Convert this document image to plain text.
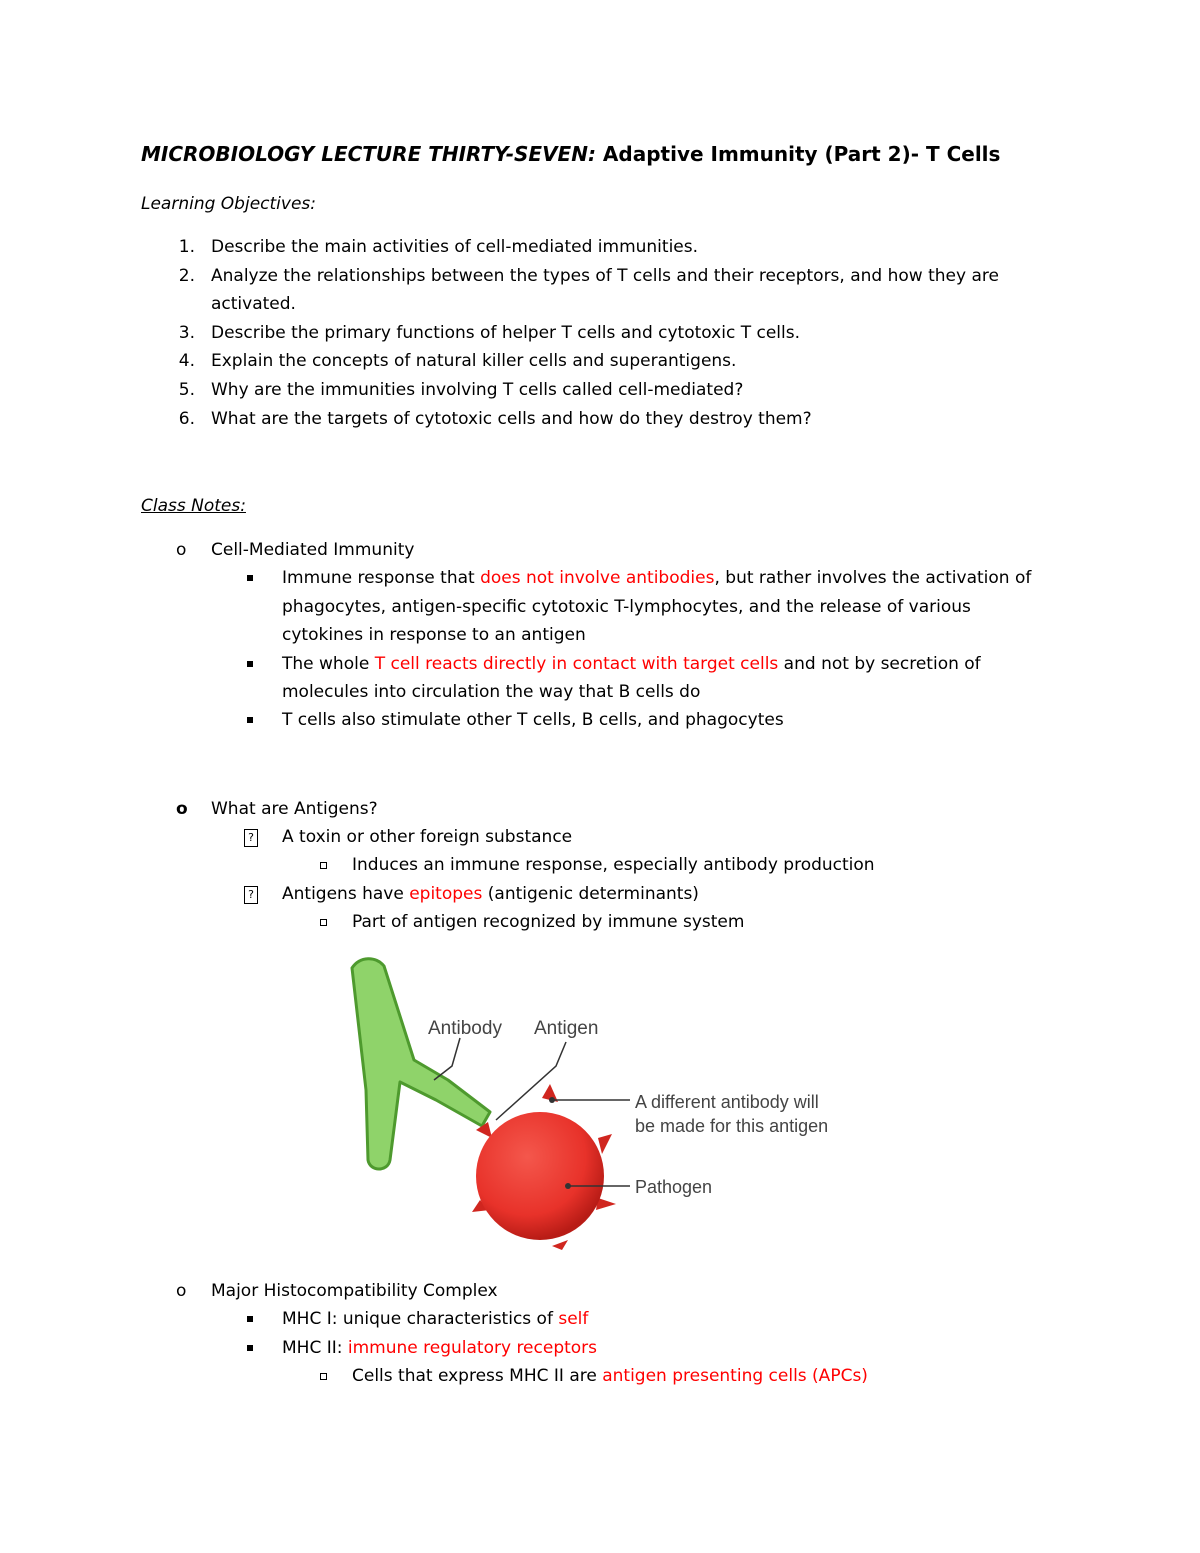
MICROBIOLOGY LECTURE THIRTY-SEVEN: Adaptive Immunity (Part 2)- T Cells
Learning Objectives:
1. Describe the main activities of cell-mediated immunities.
2. Analyze the relationships between the types of T cells and their receptors, and how they are
activated.
3. Describe the primary functions of helper T cells and cytotoxic T cells.
4. Explain the concepts of natural killer cells and superantigens.
5. Why are the immunities involving T cells called cell-mediated?
6. What are the targets of cytotoxic cells and how do they destroy them?
Class Notes:
o Cell-Mediated Immunity
Immune response that does not involve antibodies, but rather involves the activation of
phagocytes, antigen-specific cytotoxic T-lymphocytes, and the release of various
cytokines in response to an antigen
The whole T cell reacts directly in contact with target cells and not by secretion of
molecules into circulation the way that B cells do
T cells also stimulate other T cells, B cells, and phagocytes
o What are Antigens?
? A toxin or other foreign substance
Induces an immune response, especially antibody production
? Antigens have epitopes (antigenic determinants)
Part of antigen recognized by immune system
Antibody Antigen
A different antibody will
be made for this antigen
Pathogen
o Major Histocompatibility Complex
MHC I: unique characteristics of self
MHC II: immune regulatory receptors
Cells that express MHC II are antigen presenting cells (APCs)
